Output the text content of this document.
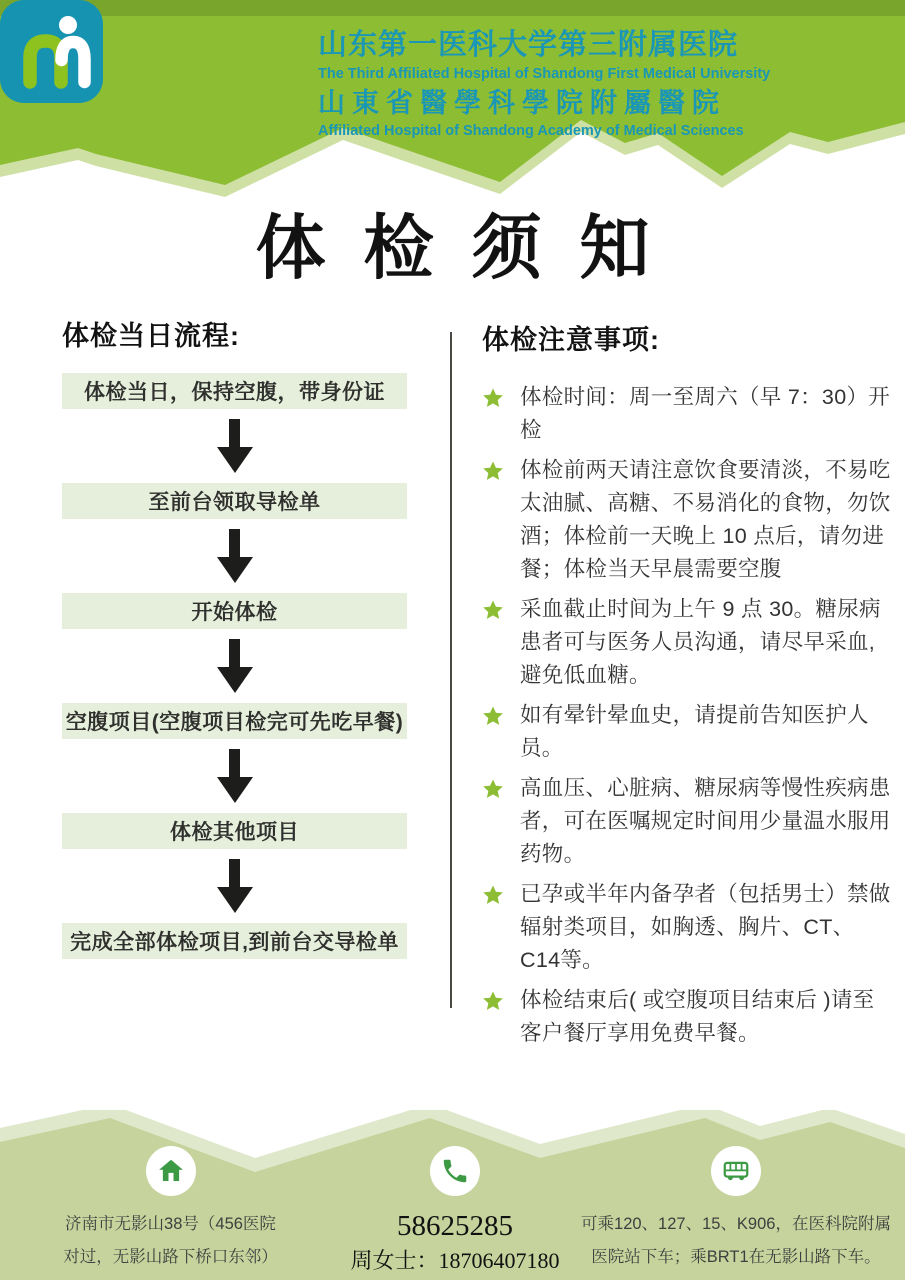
山东第一医科大学第三附属医院
The Third Affiliated Hospital of Shandong First Medical University
山東省醫學科學院附屬醫院
Affiliated Hospital of Shandong Academy of Medical Sciences
体检须知
体检当日流程:
体检当日，保持空腹，带身份证
至前台领取导检单
开始体检
空腹项目(空腹项目检完可先吃早餐)
体检其他项目
完成全部体检项目,到前台交导检单
体检注意事项:

体检时间：周一至周六（早 7：30）开检

体检前两天请注意饮食要清淡，不易吃太油腻、高糖、不易消化的食物，勿饮酒；体检前一天晚上 10 点后，请勿进餐；体检当天早晨需要空腹

采血截止时间为上午 9 点 30。糖尿病患者可与医务人员沟通，请尽早采血,避免低血糖。

如有晕针晕血史，请提前告知医护人员。

高血压、心脏病、糖尿病等慢性疾病患者，可在医嘱规定时间用少量温水服用药物。

已孕或半年内备孕者（包括男士）禁做辐射类项目，如胸透、胸片、CT、C14等。

体检结束后( 或空腹项目结束后 )请至客户餐厅享用免费早餐。

济南市无影山38号（456医院
对过，无影山路下桥口东邻）
58625285
周女士：18706407180
可乘120、127、15、K906，在医科院附属
医院站下车；乘BRT1在无影山路下车。
